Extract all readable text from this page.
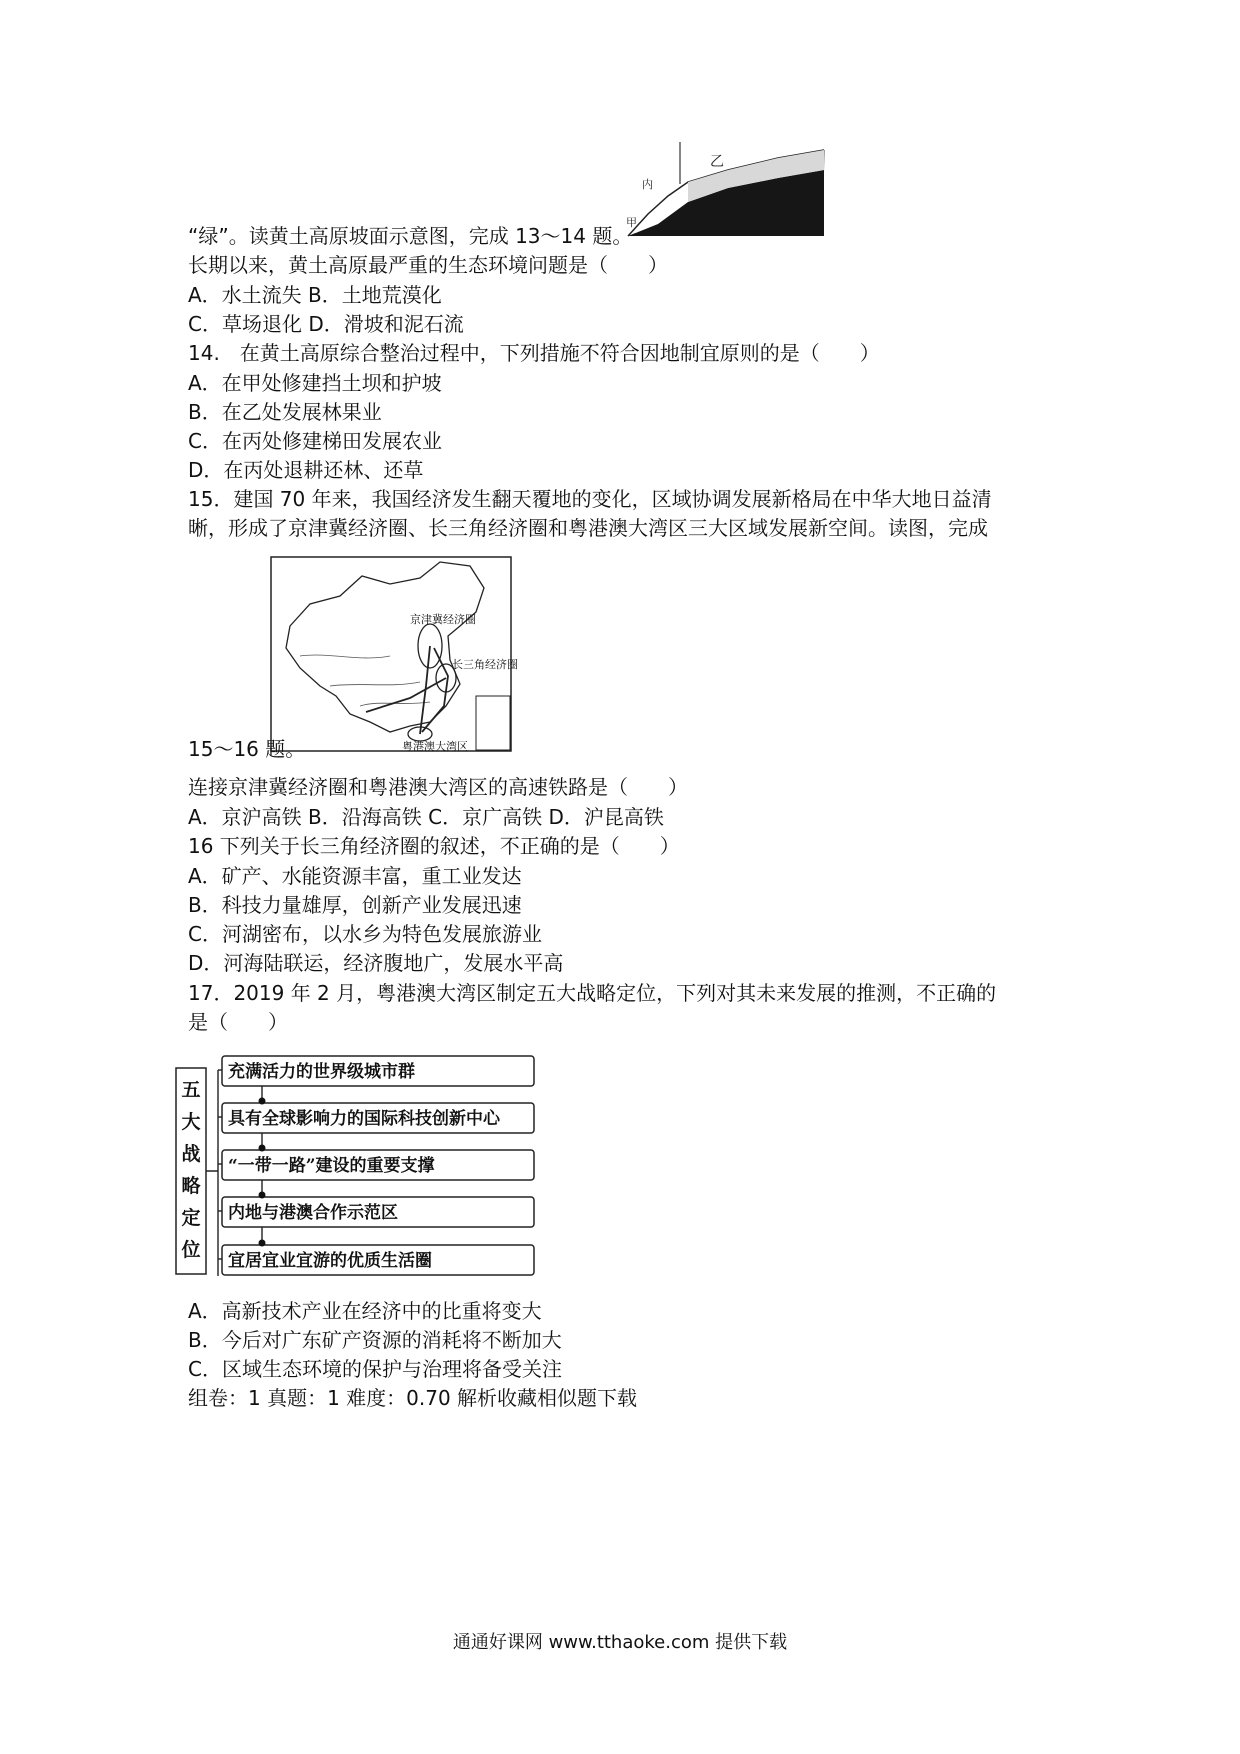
乙
内
甲
“绿”。读黄土高原坡面示意图，完成 13～14 题。
长期以来，黄土高原最严重的生态环境问题是（　　）
A．水土流失 B．土地荒漠化
C．草场退化 D．滑坡和泥石流
14.　在黄土高原综合整治过程中，下列措施不符合因地制宜原则的是（　　）
A．在甲处修建挡土坝和护坡
B．在乙处发展林果业
C．在丙处修建梯田发展农业
D．在丙处退耕还林、还草
15．建国 70 年来，我国经济发生翻天覆地的变化，区域协调发展新格局在中华大地日益清
晰，形成了京津冀经济圈、长三角经济圈和粤港澳大湾区三大区域发展新空间。读图，完成
京津冀经济圈
长三角经济圈
粤港澳大湾区
15～16 题。
连接京津冀经济圈和粤港澳大湾区的高速铁路是（　　）
A．京沪高铁 B．沿海高铁 C．京广高铁 D．沪昆高铁
16 下列关于长三角经济圈的叙述，不正确的是（　　）
A．矿产、水能资源丰富，重工业发达
B．科技力量雄厚，创新产业发展迅速
C．河湖密布，以水乡为特色发展旅游业
D．河海陆联运，经济腹地广，发展水平高
17．2019 年 2 月，粤港澳大湾区制定五大战略定位，下列对其未来发展的推测，不正确的
是（　　）
五
大
战
略
定
位
充满活力的世界级城市群
具有全球影响力的国际科技创新中心
“一带一路”建设的重要支撑
内地与港澳合作示范区
宜居宜业宜游的优质生活圈
A．高新技术产业在经济中的比重将变大
B．今后对广东矿产资源的消耗将不断加大
C．区域生态环境的保护与治理将备受关注
组卷：1 真题：1 难度：0.70 解析收藏相似题下载
通通好课网 www.tthaoke.com 提供下载
